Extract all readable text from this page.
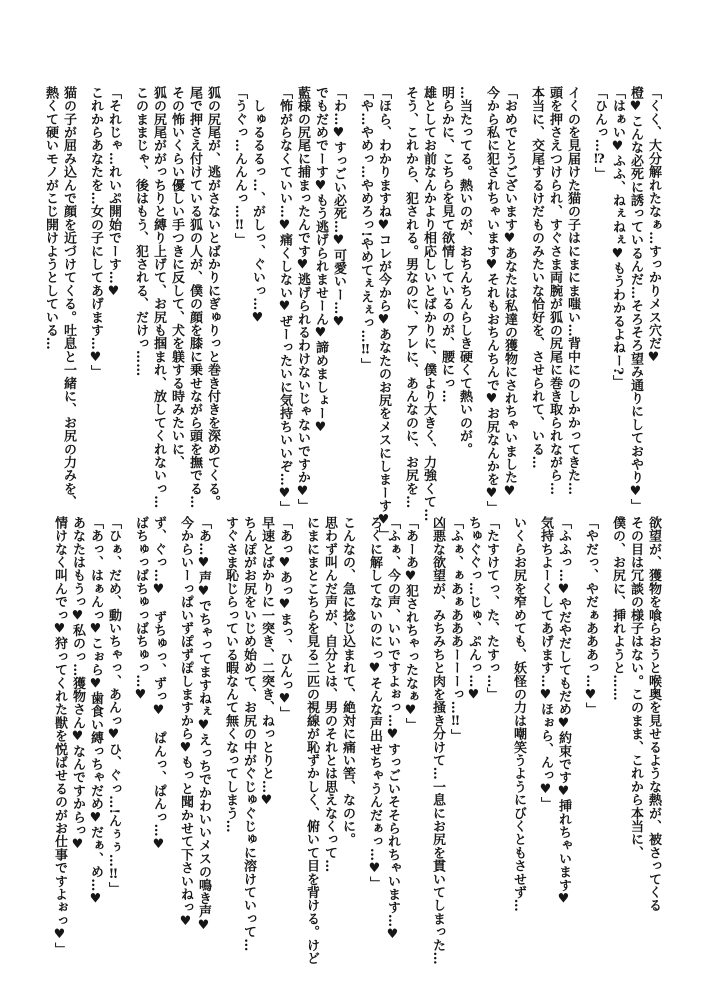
「くく、大分解れたなぁ…すっかりメス穴だ♥
橙♥こんな必死に誘っているんだ…そろそろ望み通りにしておやり♥」
「はぁい♥ふふ、ねぇねぇ♥もうわかるよねー?」
「ひんっ…⁉」
イくのを見届けた猫の子はにまにま嗤い…背中にのしかかってきた…
頭を押さえつけられ、すぐさま両腕が狐の尻尾に巻き取られながら…
本当に、交尾するけだものみたいな恰好を、させられて、いる…
「おめでとうございます♥あなたは私達の獲物にされちゃいました♥
今から私に犯されちゃいます♥それもおちんちんで♥お尻なんかを♥」
…当たってる。熱いのが、おちんちんらしき硬くて熱いのが。
明らかに、こちらを見て欲情しているのが、腰にっ…
雄としてお前なんかより相応しいとばかりに、僕より大きく、力強くて…
そう、これから、犯される。男なのに、アレに、あんなのに、お尻を…
「ほら、わかりますね♥コレが今から♥あなたのお尻をメスにしまーす♥」
「や…やめっ…やめろっ!やめてぇえぇっ…‼」
「わ…♥すっごい必死…♥可愛いー…♥
でもだめでーす♥もう逃げられませーん♥諦めましょー♥
藍様の尻尾に捕まったんです♥逃げられるわけないじゃないですか♥」
「怖がらなくていい…♥痛くしない♥ぜーったいに気持ちいいぞ…♥」
　しゅるるるっ…、がしっ、ぐいっ…♥
「うぐっ…んんんっ…‼」
狐の尻尾が、逃がさないとばかりにぎゅりっと巻き付きを深めてくる。
尾で押さえ付けている狐の人が、僕の顔を膝に乗せながら頭を撫でる…
その怖いくらい優しい手つきに反して、犬を躾する時みたいに、
狐の尻尾ががっちりと縛り上げて、お尻も掴まれ、放してくれないっ…
このままじゃ、後はもう、犯される、だけっ……
「それじゃ…れいぷ開始でーす…♥
これからあなたを…女の子にしてあげます…♥」
猫の子が屈み込んで顔を近づけてくる。吐息と一緒に、お尻の力みを、
熱くて硬いモノがこじ開けようとしている…
欲望が、獲物を喰らおうと喉奥を見せるような熱が、被さってくる
その目は冗談の様子はない。このまま、これから本当に、
僕の、お尻に、挿れようと……
「やだっ、やだぁあああっ…♥」
「ふふっ…♥やだやだしてもだめ♥約束です♥挿れちゃいます♥
気持ちよーくしてあげます…♥ほぉら、んっ♥」
いくらお尻を窄めても、妖怪の力は嘲笑うようにびくともさせず…
「たすけてっ、た、たすっ…」
ちゅぐぐっ…じゅ、ぷんっ…♥
「ふぁ、ぁあぁあああーーーっ…‼」
凶悪な欲望が、みちみちと肉を掻き分けて…一息にお尻を貫いてしまった…
「あーあ♥犯されちゃったなぁ♥」
「ふぁ、今の声、いいですよぉっ…♥すっごいそそられちゃいます…♥
ろくに解してないのにっ♥そんな声出せちゃうんだぁっ…♥」
こんなの、急に捻じ込まれて、絶対に痛い筈、なのに。
思わず叫んだ声が、自分とは、男のそれとは思えなくって…
にまにまとこちらを見る二匹の視線が恥ずかしく、俯いて目を背ける。けど
「あっ♥あっ♥まっ、ひんっ♥」
早速とばかりに一突き、二突き、ねっとりと…♥
ちんぽがお尻をいじめ始めて、お尻の中がぐじゅぐじゅに溶けていって…
すぐさま恥じらっている暇なんて無くなってしまう…
「あ…♥声♥でちゃってますねぇ♥えっちでかわいいメスの鳴き声♥
今からいーっぱいずぽずぽしますから♥もっと聞かせて下さいねっ♥
ず、ぐっ…♥　ずちゅっ、ずっ♥　ぱんっ、ぱんっ…♥
ばちゅっばちゅっばちゅっ…♥
「ひぁ、だめ、動いちゃっ、あんっ♥ひ、ぐっ…!んぅぅ…‼」
「あっ、はぁんっ♥こぉら♥歯食い縛っちゃだめ♥だぁ、め…♥
あなたはもうっ♥私のっ…獲物さん♥なんですからっ♥
情けなく叫んでっ♥狩ってくれた獣を悦ばせるのがお仕事ですよぉっ♥」
